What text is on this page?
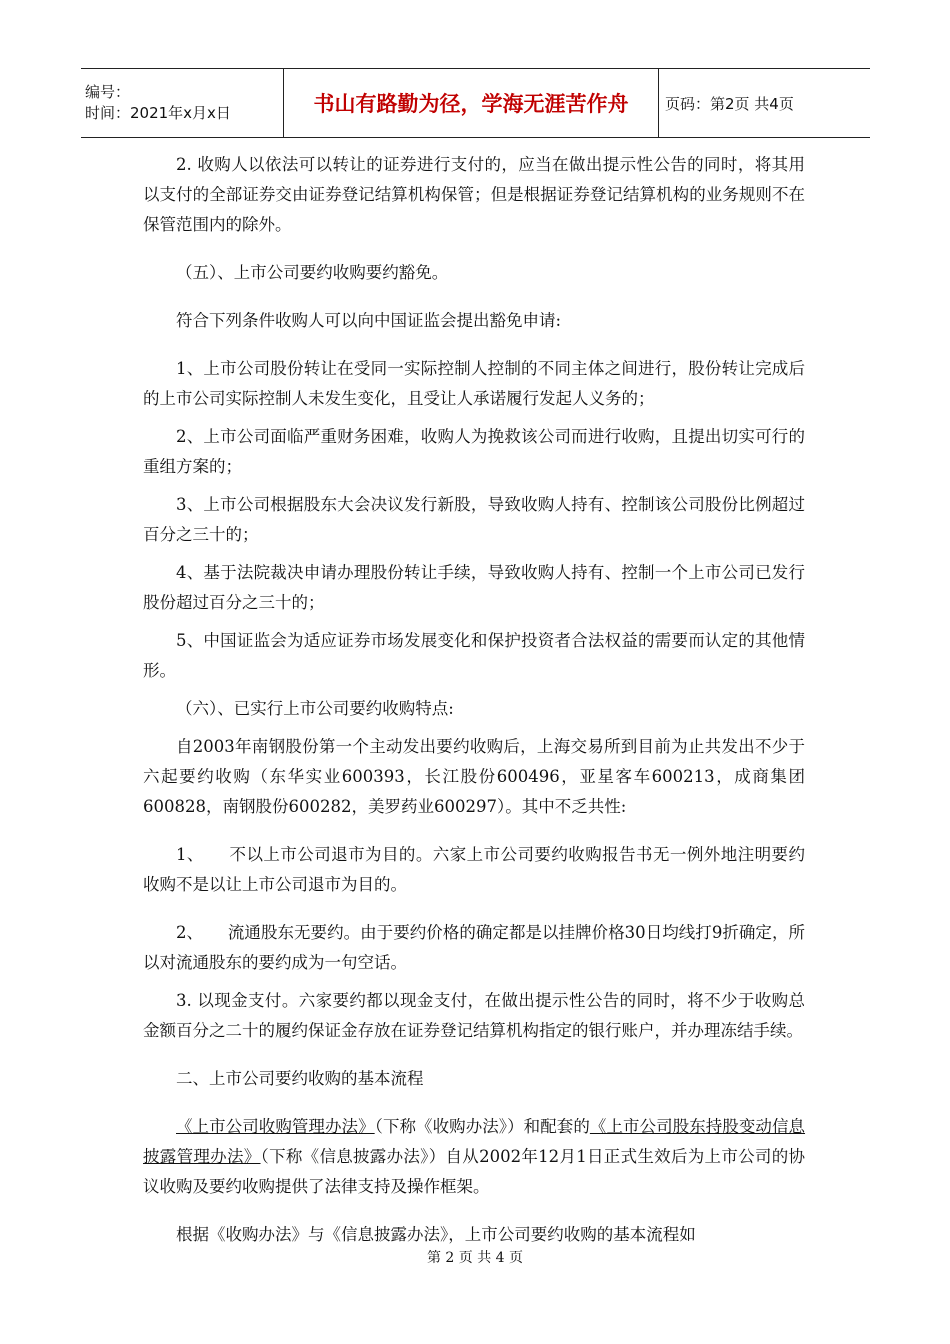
编号：
时间：2021年x月x日	书山有路勤为径，学海无涯苦作舟	页码：第2页 共4页

2. 收购人以依法可以转让的证券进行支付的，应当在做出提示性公告的同时，将其用以支付的全部证券交由证券登记结算机构保管；但是根据证券登记结算机构的业务规则不在保管范围内的除外。

（五）、上市公司要约收购要约豁免。

符合下列条件收购人可以向中国证监会提出豁免申请:

1、上市公司股份转让在受同一实际控制人控制的不同主体之间进行，股份转让完成后的上市公司实际控制人未发生变化，且受让人承诺履行发起人义务的；

2、上市公司面临严重财务困难，收购人为挽救该公司而进行收购，且提出切实可行的重组方案的；

3、上市公司根据股东大会决议发行新股，导致收购人持有、控制该公司股份比例超过百分之三十的；

4、基于法院裁决申请办理股份转让手续，导致收购人持有、控制一个上市公司已发行股份超过百分之三十的；

5、中国证监会为适应证券市场发展变化和保护投资者合法权益的需要而认定的其他情形。

（六）、已实行上市公司要约收购特点:

自2003年南钢股份第一个主动发出要约收购后，上海交易所到目前为止共发出不少于六起要约收购（东华实业600393，长江股份600496，亚星客车600213，成商集团600828，南钢股份600282，美罗药业600297）。其中不乏共性:

1、　　不以上市公司退市为目的。六家上市公司要约收购报告书无一例外地注明要约收购不是以让上市公司退市为目的。

2、　　流通股东无要约。由于要约价格的确定都是以挂牌价格30日均线打9折确定，所以对流通股东的要约成为一句空话。

3. 以现金支付。六家要约都以现金支付，在做出提示性公告的同时，将不少于收购总金额百分之二十的履约保证金存放在证券登记结算机构指定的银行账户，并办理冻结手续。

二、上市公司要约收购的基本流程

《上市公司收购管理办法》（下称《收购办法》）和配套的《上市公司股东持股变动信息披露管理办法》（下称《信息披露办法》）自从2002年12月1日正式生效后为上市公司的协议收购及要约收购提供了法律支持及操作框架。

根据《收购办法》与《信息披露办法》，上市公司要约收购的基本流程如

第 2 页 共 4 页
